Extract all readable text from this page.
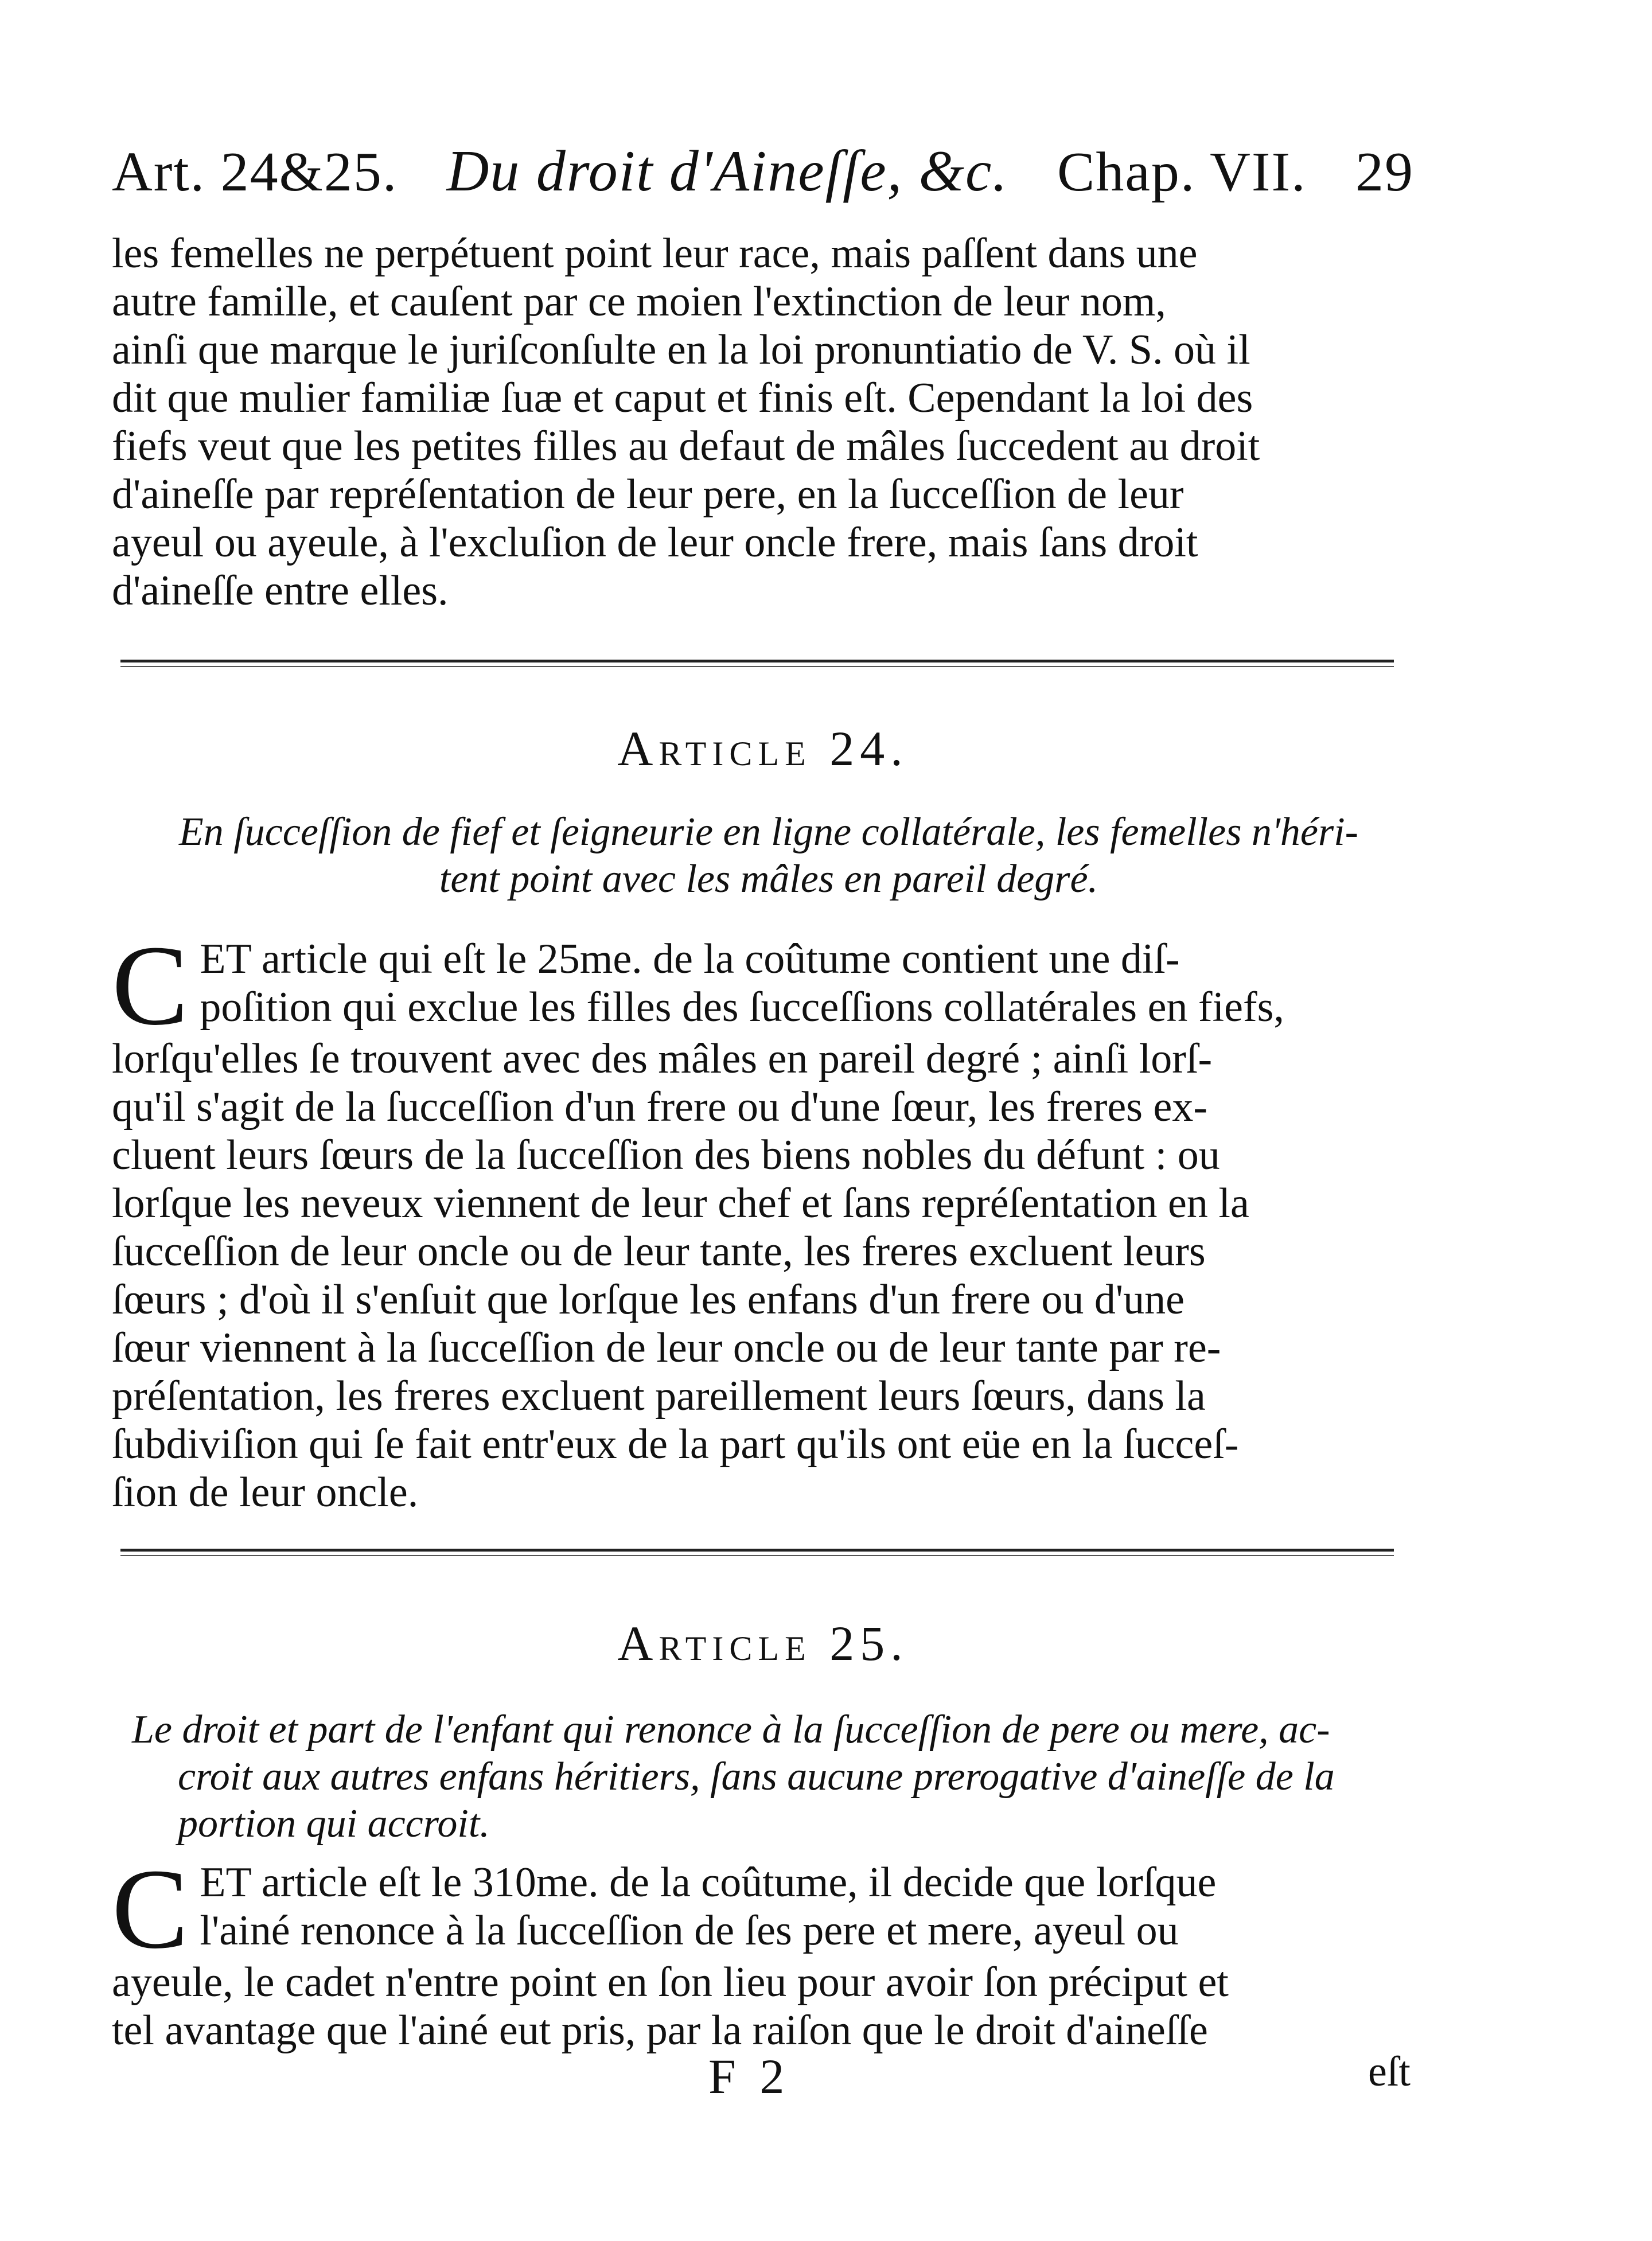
Art. 24&25. Du droit d'Aineſſe, &c. Chap. VII. 29
les femelles ne perpétuent point leur race, mais paſſent dans une
autre famille, et cauſent par ce moien l'extinction de leur nom,
ainſi que marque le juriſconſulte en la loi pronuntiatio de V. S. où il
dit que mulier familiæ ſuæ et caput et finis eſt. Cependant la loi des
fiefs veut que les petites filles au defaut de mâles ſuccedent au droit
d'aineſſe par repréſentation de leur pere, en la ſucceſſion de leur
ayeul ou ayeule, à l'excluſion de leur oncle frere, mais ſans droit
d'aineſſe entre elles.
Article 24.
En ſucceſſion de fief et ſeigneurie en ligne collatérale, les femelles n'héri-
tent point avec les mâles en pareil degré.
C ET article qui eſt le 25me. de la coûtume contient une diſ-
poſition qui exclue les filles des ſucceſſions collatérales en fiefs,
lorſqu'elles ſe trouvent avec des mâles en pareil degré ; ainſi lorſ-
qu'il s'agit de la ſucceſſion d'un frere ou d'une ſœur, les freres ex-
cluent leurs ſœurs de la ſucceſſion des biens nobles du défunt : ou
lorſque les neveux viennent de leur chef et ſans repréſentation en la
ſucceſſion de leur oncle ou de leur tante, les freres excluent leurs
ſœurs ; d'où il s'enſuit que lorſque les enfans d'un frere ou d'une
ſœur viennent à la ſucceſſion de leur oncle ou de leur tante par re-
préſentation, les freres excluent pareillement leurs ſœurs, dans la
ſubdiviſion qui ſe fait entr'eux de la part qu'ils ont eüe en la ſucceſ-
ſion de leur oncle.
Article 25.
Le droit et part de l'enfant qui renonce à la ſucceſſion de pere ou mere, ac-
croit aux autres enfans héritiers, ſans aucune prerogative d'aineſſe de la
portion qui accroit.
C ET article eſt le 310me. de la coûtume, il decide que lorſque
l'ainé renonce à la ſucceſſion de ſes pere et mere, ayeul ou
ayeule, le cadet n'entre point en ſon lieu pour avoir ſon préciput et
tel avantage que l'ainé eut pris, par la raiſon que le droit d'aineſſe
F 2	eſt
